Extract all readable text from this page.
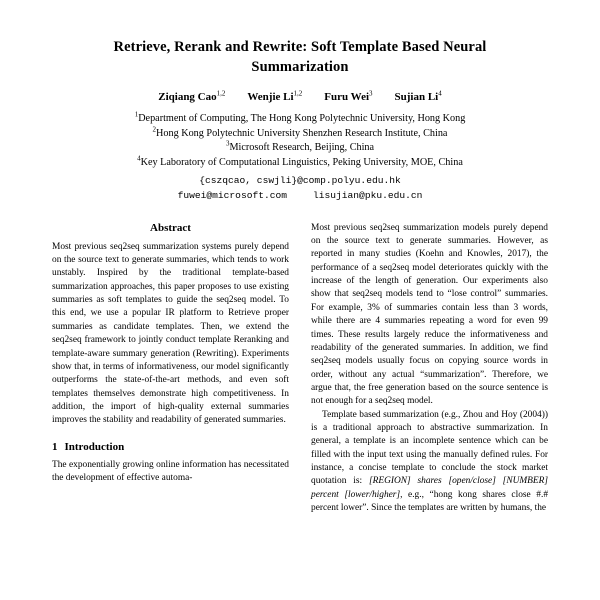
Retrieve, Rerank and Rewrite: Soft Template Based Neural Summarization
Ziqiang Cao$^{1,2}$ Wenjie Li$^{1,2}$ Furu Wei$^3$ Sujian Li$^4$
$^1$Department of Computing, The Hong Kong Polytechnic University, Hong Kong
$^2$Hong Kong Polytechnic University Shenzhen Research Institute, China
$^3$Microsoft Research, Beijing, China
$^4$Key Laboratory of Computational Linguistics, Peking University, MOE, China
{cszqcao, cswjli}@comp.polyu.edu.hk
fuwei@microsoft.com	lisujian@pku.edu.cn
Abstract

Most previous seq2seq summarization systems purely depend on the source text to generate summaries, which tends to work unstably. Inspired by the traditional template-based summarization approaches, this paper proposes to use existing summaries as soft templates to guide the seq2seq model. To this end, we use a popular IR platform to Retrieve proper summaries as candidate templates. Then, we extend the seq2seq framework to jointly conduct template Reranking and template-aware summary generation (Rewriting). Experiments show that, in terms of informativeness, our model significantly outperforms the state-of-the-art methods, and even soft templates themselves demonstrate high competitiveness. In addition, the import of high-quality external summaries improves the stability and readability of generated summaries.

1 Introduction

The exponentially growing online information has necessitated the development of effective automa-

Most previous seq2seq summarization models purely depend on the source text to generate summaries. However, as reported in many studies (Koehn and Knowles, 2017), the performance of a seq2seq model deteriorates quickly with the increase of the length of generation. Our experiments also show that seq2seq models tend to “lose control” summaries. For example, 3% of summaries contain less than 3 words, while there are 4 summaries repeating a word for even 99 times. These results largely reduce the informativeness and readability of the generated summaries. In addition, we find seq2seq models usually focus on copying source words in order, without any actual “summarization”. Therefore, we argue that, the free generation based on the source sentence is not enough for a seq2seq model.

Template based summarization (e.g., Zhou and Hoy (2004)) is a traditional approach to abstractive summarization. In general, a template is an incomplete sentence which can be filled with the input text using the manually defined rules. For instance, a concise template to conclude the stock market quotation is: [REGION] shares [open/close] [NUMBER] percent [lower/higher], e.g., “hong kong shares close #.# percent lower”. Since the templates are written by humans, the
